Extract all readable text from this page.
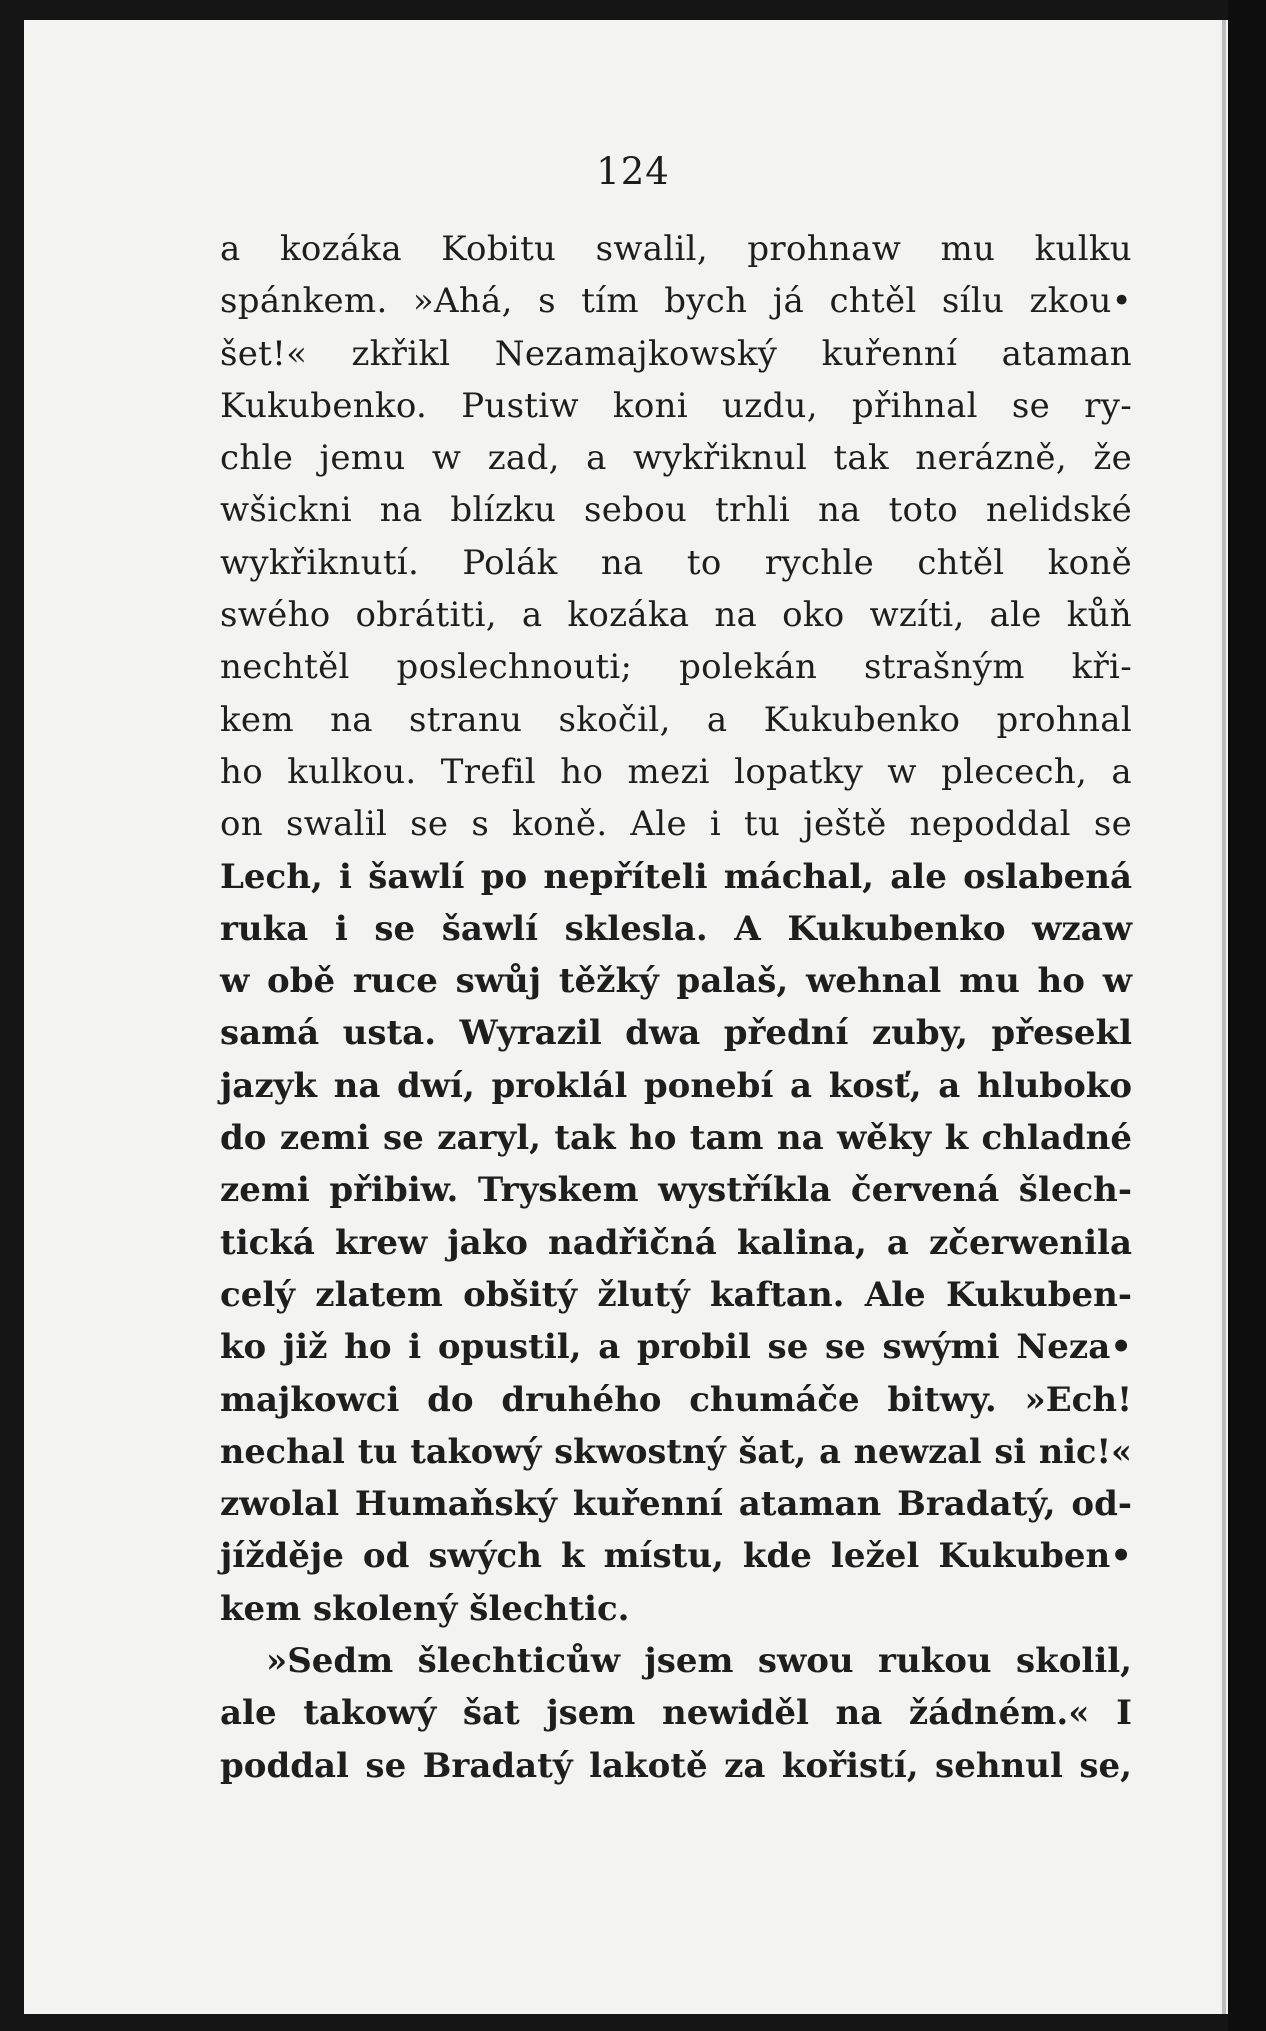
124
a kozáka Kobitu swalil, prohnaw mu kulku
spánkem. »Ahá, s tím bych já chtěl sílu zkou•
šet!« zkřikl Nezamajkowský kuřenní ataman
Kukubenko. Pustiw koni uzdu, přihnal se ry-
chle jemu w zad, a wykřiknul tak nerázně, že
wšickni na blízku sebou trhli na toto nelidské
wykřiknutí. Polák na to rychle chtěl koně
swého obrátiti, a kozáka na oko wzíti, ale kůň
nechtěl poslechnouti; polekán strašným kři-
kem na stranu skočil, a Kukubenko prohnal
ho kulkou. Trefil ho mezi lopatky w plecech, a
on swalil se s koně. Ale i tu ještě nepoddal se
Lech, i šawlí po nepříteli máchal, ale oslabená
ruka i se šawlí sklesla. A Kukubenko wzaw
w obě ruce swůj těžký palaš, wehnal mu ho w
samá usta. Wyrazil dwa přední zuby, přesekl
jazyk na dwí, proklál ponebí a kosť, a hluboko
do zemi se zaryl, tak ho tam na wěky k chladné
zemi přibiw. Tryskem wystříkla červená šlech-
tická krew jako nadřičná kalina, a zčerwenila
celý zlatem obšitý žlutý kaftan. Ale Kukuben-
ko již ho i opustil, a probil se se swými Neza•
majkowci do druhého chumáče bitwy. »Ech!
nechal tu takowý skwostný šat, a newzal si nic!«
zwolal Humaňský kuřenní ataman Bradatý, od-
jížděje od swých k místu, kde ležel Kukuben•
kem skolený šlechtic.
»Sedm šlechticůw jsem swou rukou skolil,
ale takowý šat jsem newiděl na žádném.« I
poddal se Bradatý lakotě za kořistí, sehnul se,
